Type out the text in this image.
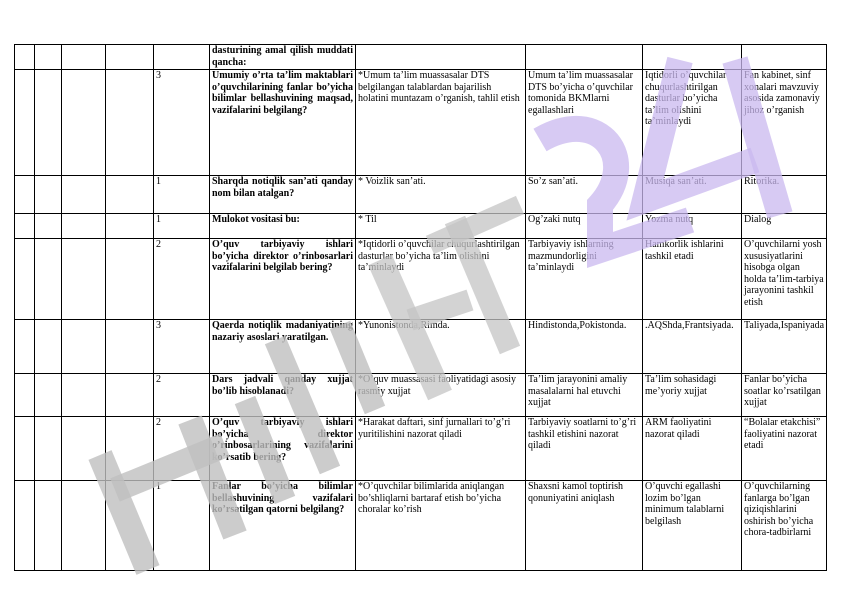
					dasturining amal qilish muddati qancha:				
				3	Umumiy o’rta ta’lim maktablari o’quvchilarining fanlar bo’yicha bilimlar bellashuvining maqsad, vazifalarini belgilang?	*Umum ta’lim muassasalar DTS belgilangan talablardan bajarilish holatini muntazam o’rganish, tahlil etish	Umum ta’lim muassasalar DTS bo’yicha o’quvchilar tomonida BKMlarni egallashlari	Iqtidorli o’quvchilar chuqurlashtirilgan dasturlar bo’yicha ta’lim olishini ta’minlaydi	Fan kabinet, sinf xonalari mavzuviy asosida zamonaviy jihoz o’rganish
				1	Sharqda notiqlik san’ati qanday nom bilan atalgan?	* Voizlik san’ati.	So’z san’ati.	Musiqa san’ati.	Ritorika.
				1	Mulokot vositasi bu:	* Til	Og’zaki nutq	Yozma nutq	Dialog
				2	O’quv tarbiyaviy ishlari bo’yicha direktor o’rinbosarlari vazifalarini belgilab bering?	*Iqtidorli o’quvchilar chuqurlashtirilgan dasturlar bo’yicha ta’lim olishini ta’minlaydi	Tarbiyaviy ishlarning mazmundorligini ta’minlaydi	Hamkorlik ishlarini tashkil etadi	O’quvchilarni yosh xususiyatlarini hisobga olgan holda ta’lim-tarbiya jarayonini tashkil etish
				3	Qaerda notiqlik madaniyatining nazariy asoslari yaratilgan.	*Yunonistonda,Rimda.	Hindistonda,Pokistonda.	.AQShda,Frantsiyada.	Taliyada,Ispaniyada
				2	Dars jadvali qanday xujjat bo’lib hisoblanadi?	*O’quv muassasasi faoliyatidagi asosiy rasmiy xujjat	Ta’lim jarayonini amaliy masalalarni hal etuvchi xujjat	Ta’lim sohasidagi me’yoriy xujjat	Fanlar bo’yicha soatlar ko’rsatilgan xujjat
				2	O’quv tarbiyaviy ishlari bo’yicha direktor o’rinbosarlarining vazifalarini ko’rsatib bering?	*Harakat daftari, sinf jurnallari to’g’ri yuritilishini nazorat qiladi	Tarbiyaviy soatlarni to’g’ri tashkil etishini nazorat qiladi	ARM faoliyatini nazorat qiladi	“Bolalar etakchisi” faoliyatini nazorat etadi
				1	Fanlar bo’yicha bilimlar bellashuvining vazifalari ko’rsatilgan qatorni belgilang?	*O’quvchilar bilimlarida aniqlangan bo’shliqlarni bartaraf etish bo’yicha choralar ko’rish	Shaxsni kamol toptirish qonuniyatini aniqlash	O’quvchi egallashi lozim bo’lgan minimum talablarni belgilash	O’quvchilarning fanlarga bo’lgan qiziqishlarini oshirish bo’yicha chora-tadbirlarni
